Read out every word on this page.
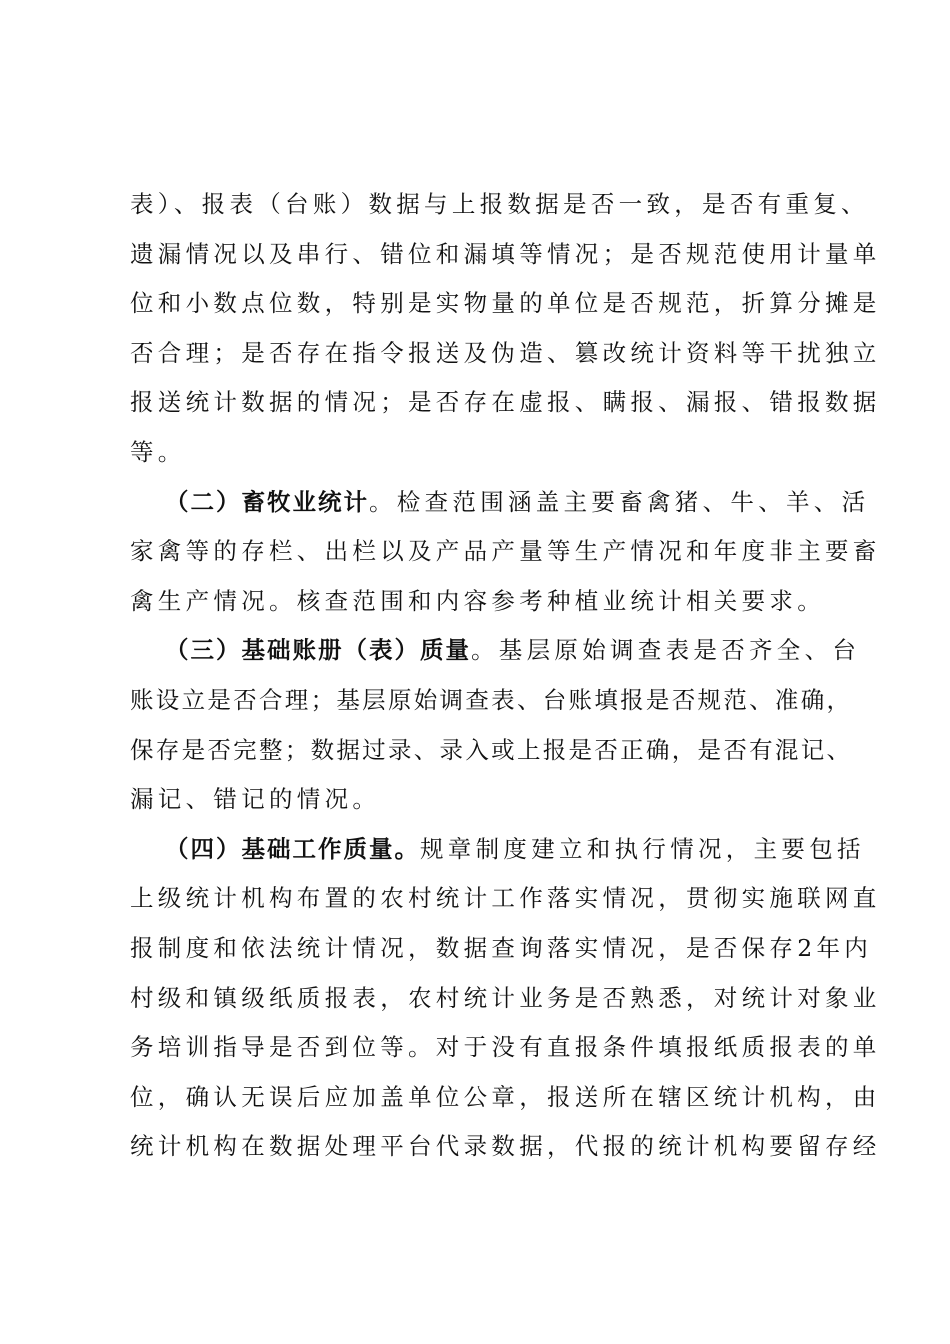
表）、报表（台账）数据与上报数据是否一致，是否有重复、
遗漏情况以及串行、错位和漏填等情况；是否规范使用计量单
位和小数点位数，特别是实物量的单位是否规范，折算分摊是
否合理；是否存在指令报送及伪造、篡改统计资料等干扰独立
报送统计数据的情况；是否存在虚报、瞒报、漏报、错报数据
等。
（二）畜牧业统计。检查范围涵盖主要畜禽猪、牛、羊、活
家禽等的存栏、出栏以及产品产量等生产情况和年度非主要畜
禽生产情况。核查范围和内容参考种植业统计相关要求。
（三）基础账册（表）质量。基层原始调查表是否齐全、台
账设立是否合理；基层原始调查表、台账填报是否规范、准确，
保存是否完整；数据过录、录入或上报是否正确，是否有混记、
漏记、错记的情况。
（四）基础工作质量。规章制度建立和执行情况，主要包括
上级统计机构布置的农村统计工作落实情况，贯彻实施联网直
报制度和依法统计情况，数据查询落实情况，是否保存2年内
村级和镇级纸质报表，农村统计业务是否熟悉，对统计对象业
务培训指导是否到位等。对于没有直报条件填报纸质报表的单
位，确认无误后应加盖单位公章，报送所在辖区统计机构，由
统计机构在数据处理平台代录数据，代报的统计机构要留存经
